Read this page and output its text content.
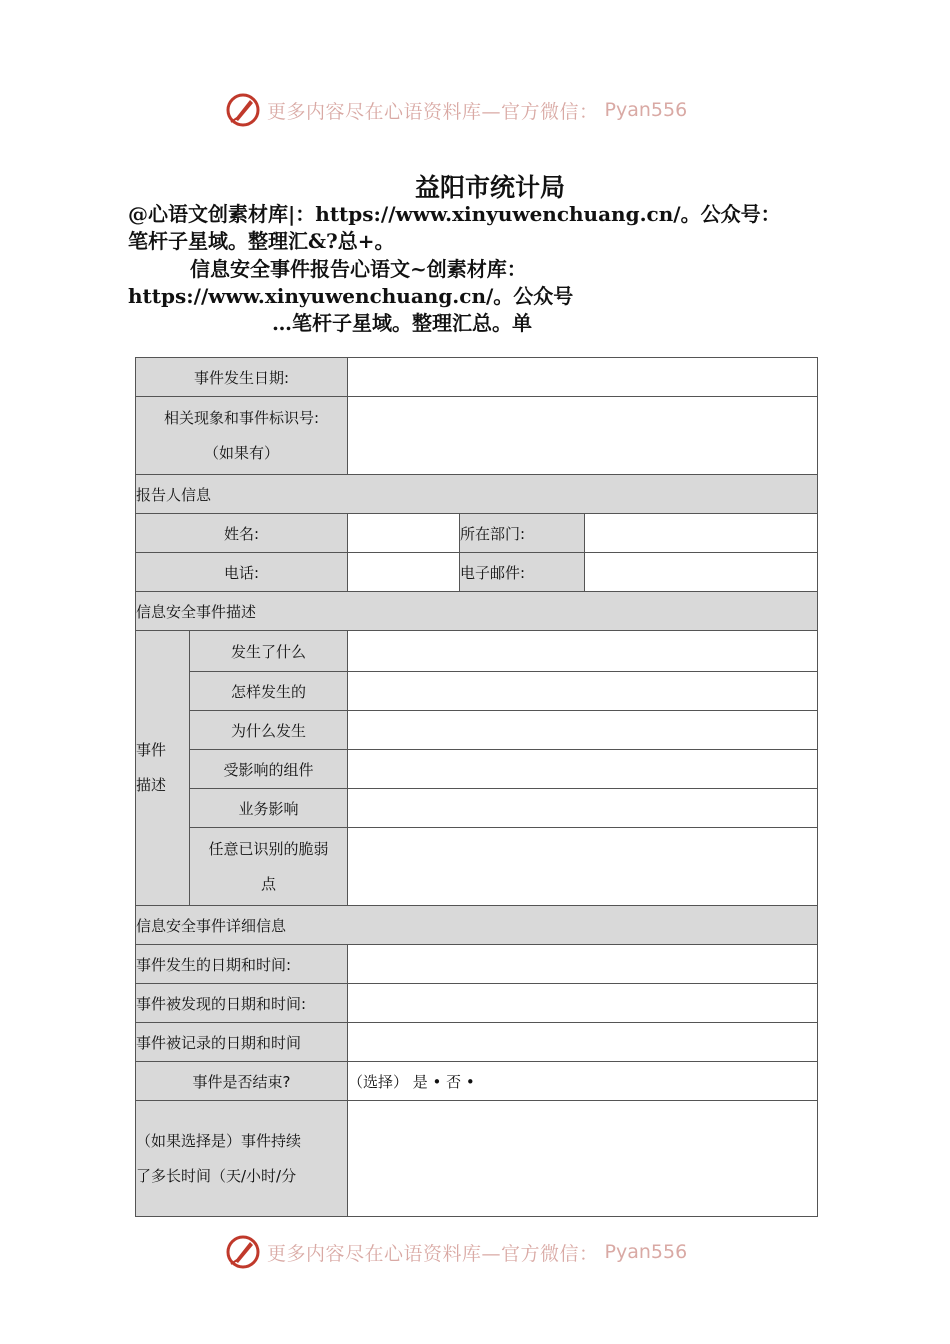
更多内容尽在心语资料库—官方微信： Pyan556
益阳市统计局
@心语文创素材库|：https://www.xinyuwenchuang.cn/。公众号：
笔杆子星域。整理汇&?总+。
信息安全事件报告心语文~创素材库：
https://www.xinyuwenchuang.cn/。公众号
…笔杆子星域。整理汇总。单
事件发生日期:				

相关现象和事件标识号:
（如果有）				

报告人信息				
姓名:			所在部门:	
电话:			电子邮件:	
信息安全事件描述				

事件
描述	发生了什么			
	怎样发生的			
	为什么发生			
	受影响的组件			
	业务影响			

	任意已识别的脆弱
点			

信息安全事件详细信息				
事件发生的日期和时间:				
事件被发现的日期和时间:				
事件被记录的日期和时间				
事件是否结束?		（选择） 是 • 否 •		

（如果选择是）事件持续
了多长时间（天/小时/分				

更多内容尽在心语资料库—官方微信： Pyan556
